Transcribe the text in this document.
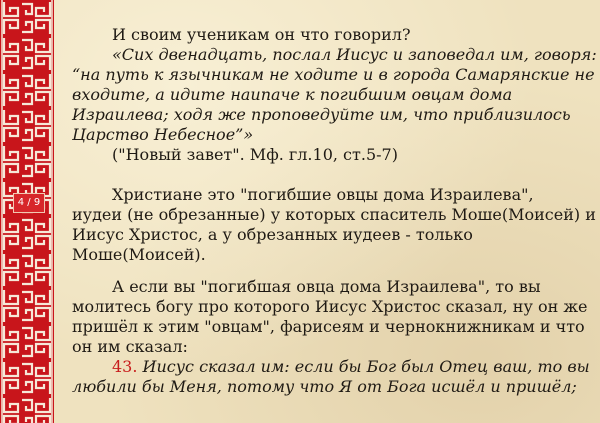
4 / 9
И своим ученикам он что говорил?
«Сих двенадцать, послал Иисус и заповедал им, говоря:
“на путь к язычникам не ходите и в города Самарянские не
входите, а идите наипаче к погибшим овцам дома
Израилева; ходя же проповедуйте им, что приблизилось
Царство Небесное”»
("Новый завет". Мф. гл.10, ст.5-7)
Христиане это "погибшие овцы дома Израилева",
иудеи (не обрезанные) у которых спаситель Моше(Моисей) и
Иисус Христос, а у обрезанных иудеев - только
Моше(Моисей).
А если вы "погибшая овца дома Израилева", то вы
молитесь богу про которого Иисус Христос сказал, ну он же
пришёл к этим "овцам", фарисеям и чернокнижникам и что
он им сказал:
43. Иисус сказал им: если бы Бог был Отец ваш, то вы
любили бы Меня, потому что Я от Бога исшёл и пришёл;
